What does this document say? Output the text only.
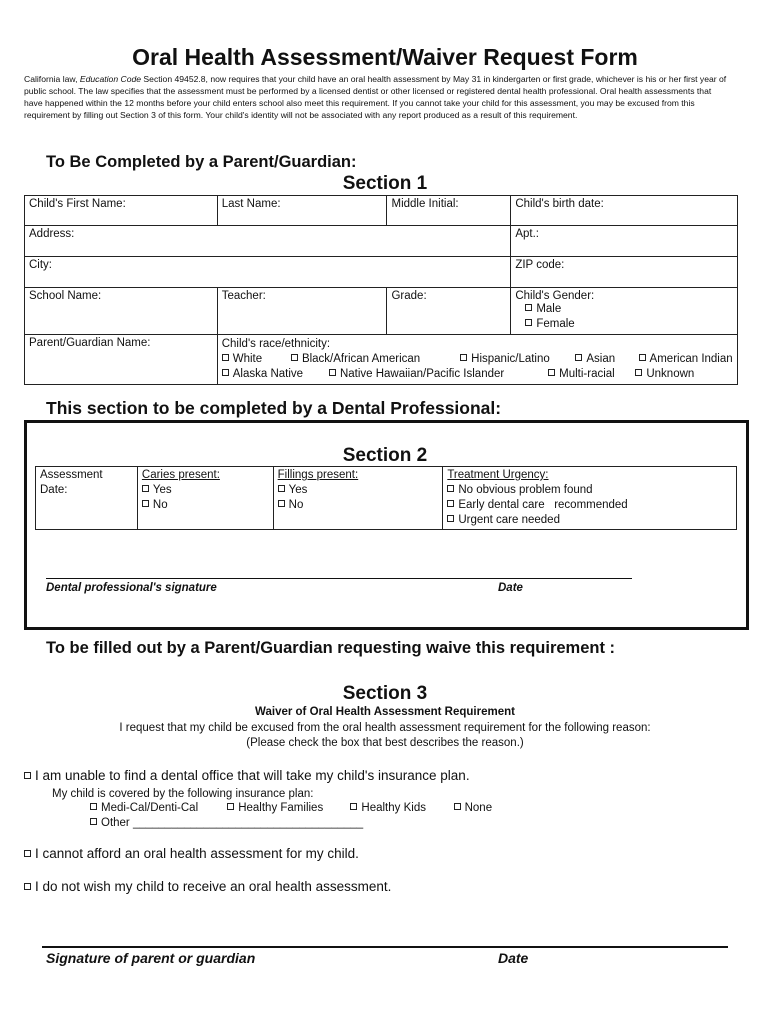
Oral Health Assessment/Waiver Request Form
California law, Education Code Section 49452.8, now requires that your child have an oral health assessment by May 31 in kindergarten or first grade, whichever is his or her first year of public school. The law specifies that the assessment must be performed by a licensed dentist or other licensed or registered dental health professional. Oral health assessments that have happened within the 12 months before your child enters school also meet this requirement. If you cannot take your child for this assessment, you may be excused from this requirement by filling out Section 3 of this form. Your child's identity will not be associated with any report produced as a result of this requirement.
To Be Completed by a Parent/Guardian:
Section 1
Child's First Name:	Last Name:	Middle Initial:	Child's birth date:
Address:			Apt.:
City:			ZIP code:
School Name:	Teacher:	Grade:	Child's Gender:
Male
Female

Parent/Guardian Name:	Child's race/ethnicity:
White Black/African American Hispanic/Latino Asian American Indian
Alaska Native Native Hawaiian/Pacific Islander Multi-racial Unknown		
This section to be completed by a Dental Professional:
Section 2
Assessment
Date:

Caries present:
Yes
No

Fillings present:
Yes
No

Treatment Urgency:
No obvious problem found
Early dental care   recommended
Urgent care needed
Dental professional's signature	Date
To be filled out by a Parent/Guardian requesting waive this requirement :
Section 3
Waiver of Oral Health Assessment Requirement
I request that my child be excused from the oral health assessment requirement for the following reason:
(Please check the box that best describes the reason.)
I am unable to find a dental office that will take my child's insurance plan.
My child is covered by the following insurance plan:
Medi-Cal/Denti-Cal	Healthy Families	Healthy Kids	None
Other ____________________________________
I cannot afford an oral health assessment for my child.
I do not wish my child to receive an oral health assessment.
Signature of parent or guardian	Date
